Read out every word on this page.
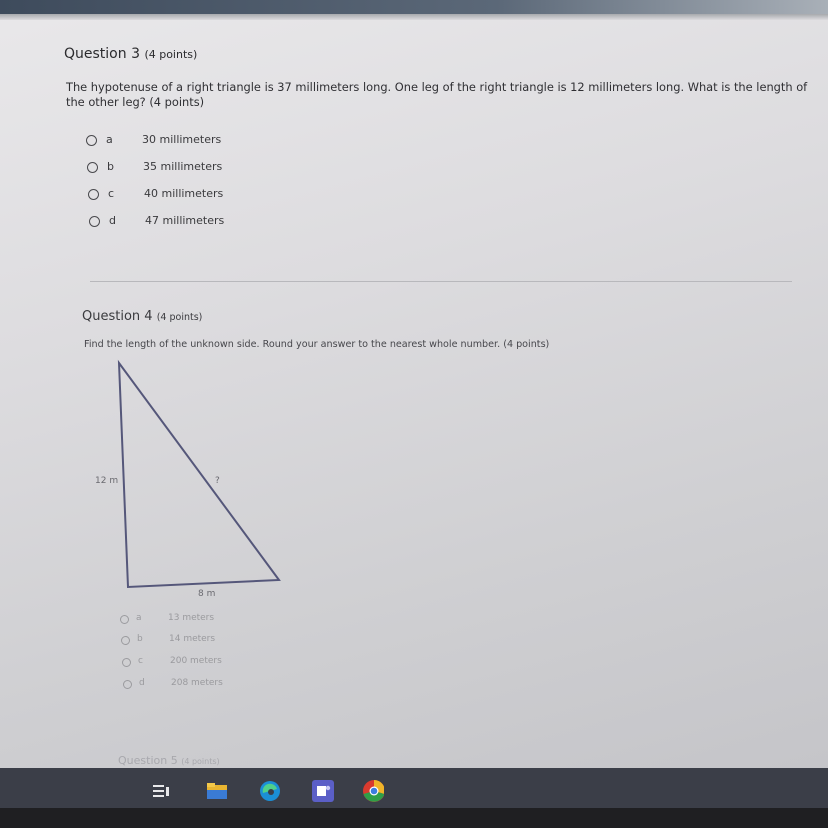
Question 3 (4 points)
The hypotenuse of a right triangle is 37 millimeters long. One leg of the right triangle is 12 millimeters long. What is the length of the other leg? (4 points)
a	30 millimeters
b	35 millimeters
c	40 millimeters
d	47 millimeters
Question 4 (4 points)
Find the length of the unknown side. Round your answer to the nearest whole number. (4 points)
12 m	?
8 m
a	13 meters
b	14 meters
c	200 meters
d	208 meters
Question 5 (4 points)
